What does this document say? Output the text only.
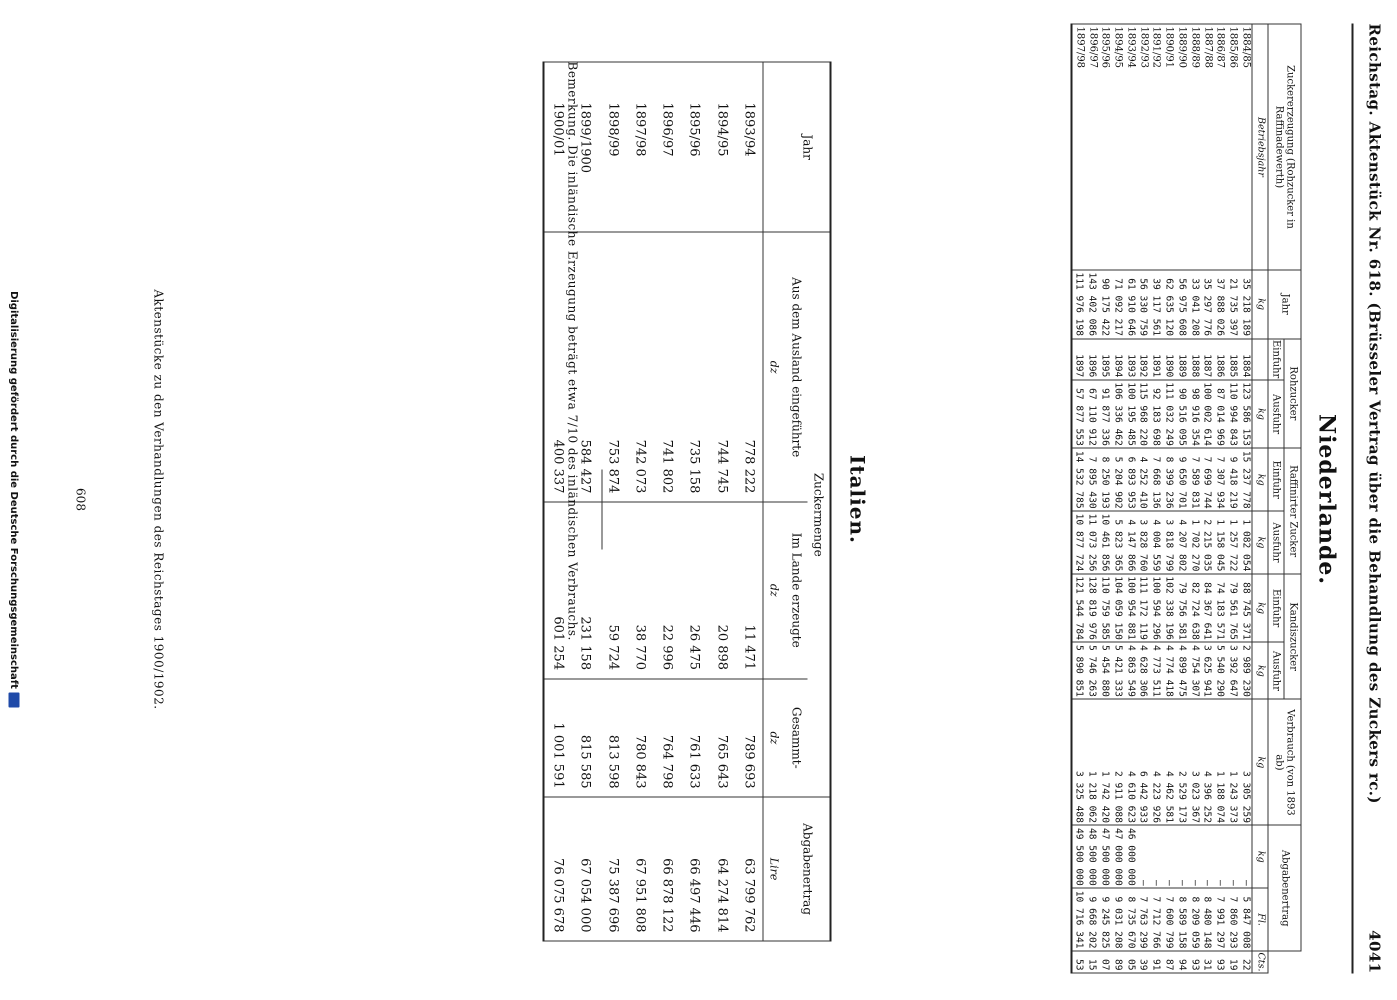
Reichstag. Aktenstück Nr. 618. (Brüsseler Vertrag über die Behandlung des Zuckers rc.)
4041
Niederlande.
Zuckererzeugung (Rohzucker in Raffinadewerth)	Jahr	Rohzucker		Raffinirter Zucker		Kandiszucker		Verbrauch (von 1893 ab)	Abgabenertrag		
		Einfuhr	Ausfuhr	Einfuhr	Ausfuhr	Einfuhr	Ausfuhr				
Betriebsjahr	kg		kg	kg	kg	kg	kg	kg	kg	Fl.	Cts.
1884/85	35 218 189	1884	123 586 153	15 237 778	1 082 054	88 745 371	2 989 230	3 305 259	—	5 847 008	22
1885/86	21 735 397	1885	110 994 843	9 418 219	1 257 722	79 561 765	3 392 647	1 243 373	—	7 860 293	19
1886/87	37 888 026	1886	87 014 969	7 307 934	1 158 045	74 183 571	5 540 290	1 188 074	—	7 991 297	93
1887/88	35 297 776	1887	100 002 614	7 699 744	2 215 035	84 367 641	3 625 941	4 396 252	—	8 480 148	31
1888/89	33 041 208	1888	98 916 354	7 589 831	1 702 270	82 724 638	4 754 307	3 023 367	—	8 209 059	93
1889/90	56 975 608	1889	90 516 095	9 650 701	4 207 802	79 756 581	4 899 475	2 529 173	—	8 589 158	94
1890/91	62 635 120	1890	111 032 249	8 399 236	3 818 799	102 338 196	4 774 418	4 462 581	—	7 600 799	87
1891/92	39 117 561	1891	92 183 698	7 668 136	4 004 559	100 594 296	4 773 511	4 223 926	—	7 712 766	91
1892/93	56 330 759	1892	115 968 220	4 252 410	3 828 760	111 172 119	4 628 306	6 442 933	—	7 763 299	39
1893/94	61 910 646	1893	100 195 485	6 893 953	4 147 866	100 954 881	4 863 549	4 610 623	46 000 000	8 735 670	05
1894/95	71 092 217	1894	106 336 462	5 204 902	5 823 365	104 059 150	5 421 333	2 911 088	47 000 000	9 031 208	89
1895/96	90 175 422	1895	91 877 336	8 250 193	10 461 856	110 759 585	5 454 880	1 742 420	47 500 000	9 245 825	07
1896/97	143 402 086	1896	67 110 912	7 895 430	11 073 256	128 819 976	5 746 263	1 218 062	48 500 000	9 668 202	15
1897/98	111 976 198	1897	57 877 553	14 532 785	10 877 724	121 544 784	5 890 851	3 325 488	49 500 000	10 716 341	53
Italien.
Jahr	Zuckermenge			Abgabenertrag
	Aus dem Ausland eingeführte	Im Lande erzeugte	Gesammt-	
	dz	dz	dz	Lire
1893/94	778 222	11 471	789 693	63 799 762
1894/95	744 745	20 898	765 643	64 274 814
1895/96	735 158	26 475	761 633	66 497 446
1896/97	741 802	22 996	764 798	66 878 122
1897/98	742 073	38 770	780 843	67 951 808
1898/99	753 874	59 724	813 598	75 387 696
1899/1900	584 427	231 158	815 585	67 054 000
1900/01	400 337	601 254	1 001 591	76 075 678
Bemerkung. Die inländische Erzeugung beträgt etwa 7/10 des inländischen Verbrauchs.
Aktenstücke zu den Verhandlungen des Reichstages 1900/1902.
608
Digitalisierung gefördert durch die Deutsche Forschungsgemeinschaft
